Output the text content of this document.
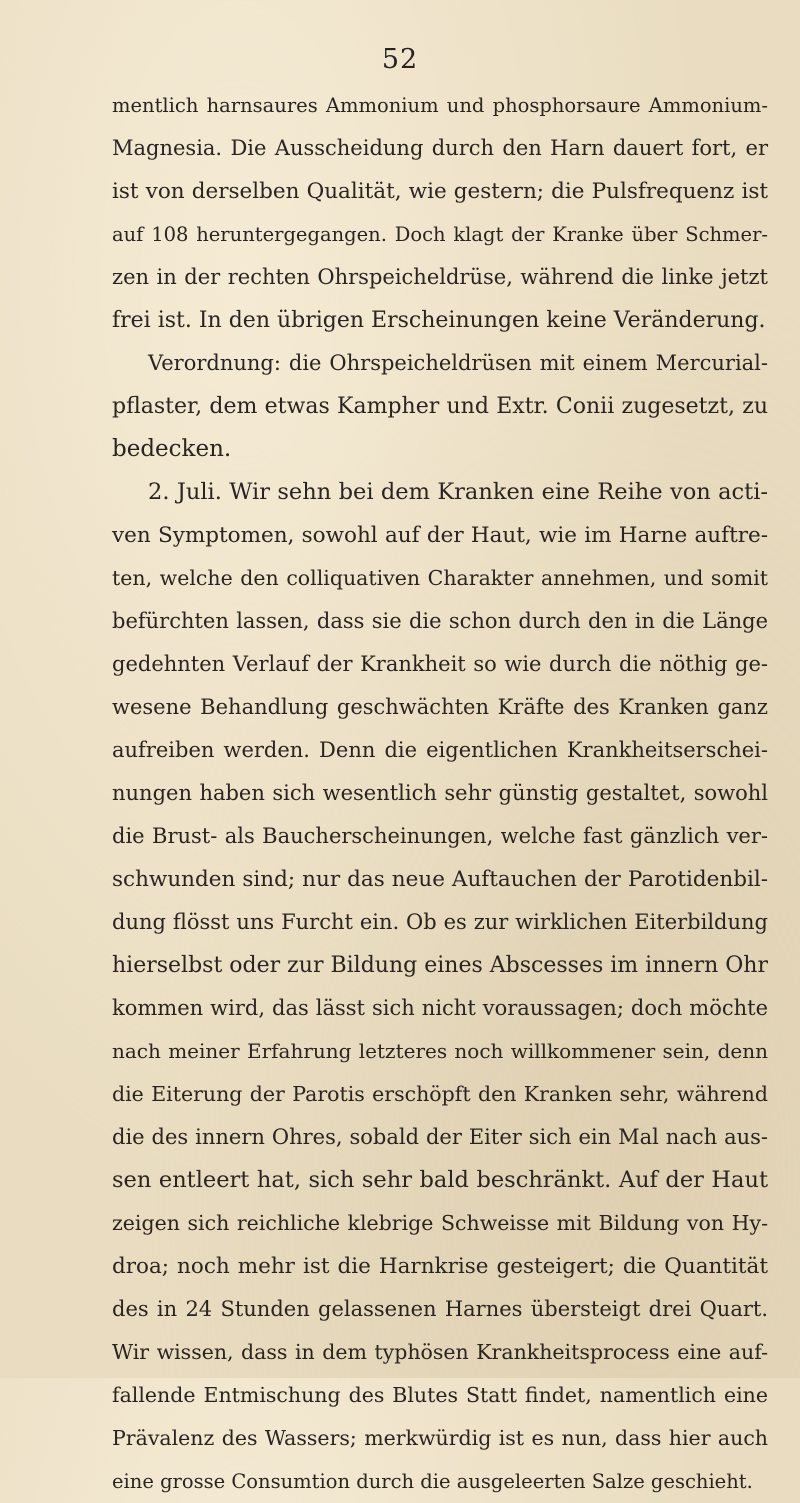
52
mentlich harnsaures Ammonium und phosphorsaure Ammonium-
Magnesia. Die Ausscheidung durch den Harn dauert fort, er
ist von derselben Qualität, wie gestern; die Pulsfrequenz ist
auf 108 heruntergegangen. Doch klagt der Kranke über Schmer-
zen in der rechten Ohrspeicheldrüse, während die linke jetzt
frei ist. In den übrigen Erscheinungen keine Veränderung.
Verordnung: die Ohrspeicheldrüsen mit einem Mercurial-
pflaster, dem etwas Kampher und Extr. Conii zugesetzt, zu
bedecken.
2. Juli. Wir sehn bei dem Kranken eine Reihe von acti-
ven Symptomen, sowohl auf der Haut, wie im Harne auftre-
ten, welche den colliquativen Charakter annehmen, und somit
befürchten lassen, dass sie die schon durch den in die Länge
gedehnten Verlauf der Krankheit so wie durch die nöthig ge-
wesene Behandlung geschwächten Kräfte des Kranken ganz
aufreiben werden. Denn die eigentlichen Krankheitserschei-
nungen haben sich wesentlich sehr günstig gestaltet, sowohl
die Brust- als Baucherscheinungen, welche fast gänzlich ver-
schwunden sind; nur das neue Auftauchen der Parotidenbil-
dung flösst uns Furcht ein. Ob es zur wirklichen Eiterbildung
hierselbst oder zur Bildung eines Abscesses im innern Ohr
kommen wird, das lässt sich nicht voraussagen; doch möchte
nach meiner Erfahrung letzteres noch willkommener sein, denn
die Eiterung der Parotis erschöpft den Kranken sehr, während
die des innern Ohres, sobald der Eiter sich ein Mal nach aus-
sen entleert hat, sich sehr bald beschränkt. Auf der Haut
zeigen sich reichliche klebrige Schweisse mit Bildung von Hy-
droa; noch mehr ist die Harnkrise gesteigert; die Quantität
des in 24 Stunden gelassenen Harnes übersteigt drei Quart.
Wir wissen, dass in dem typhösen Krankheitsprocess eine auf-
fallende Entmischung des Blutes Statt findet, namentlich eine
Prävalenz des Wassers; merkwürdig ist es nun, dass hier auch
eine grosse Consumtion durch die ausgeleerten Salze geschieht.
